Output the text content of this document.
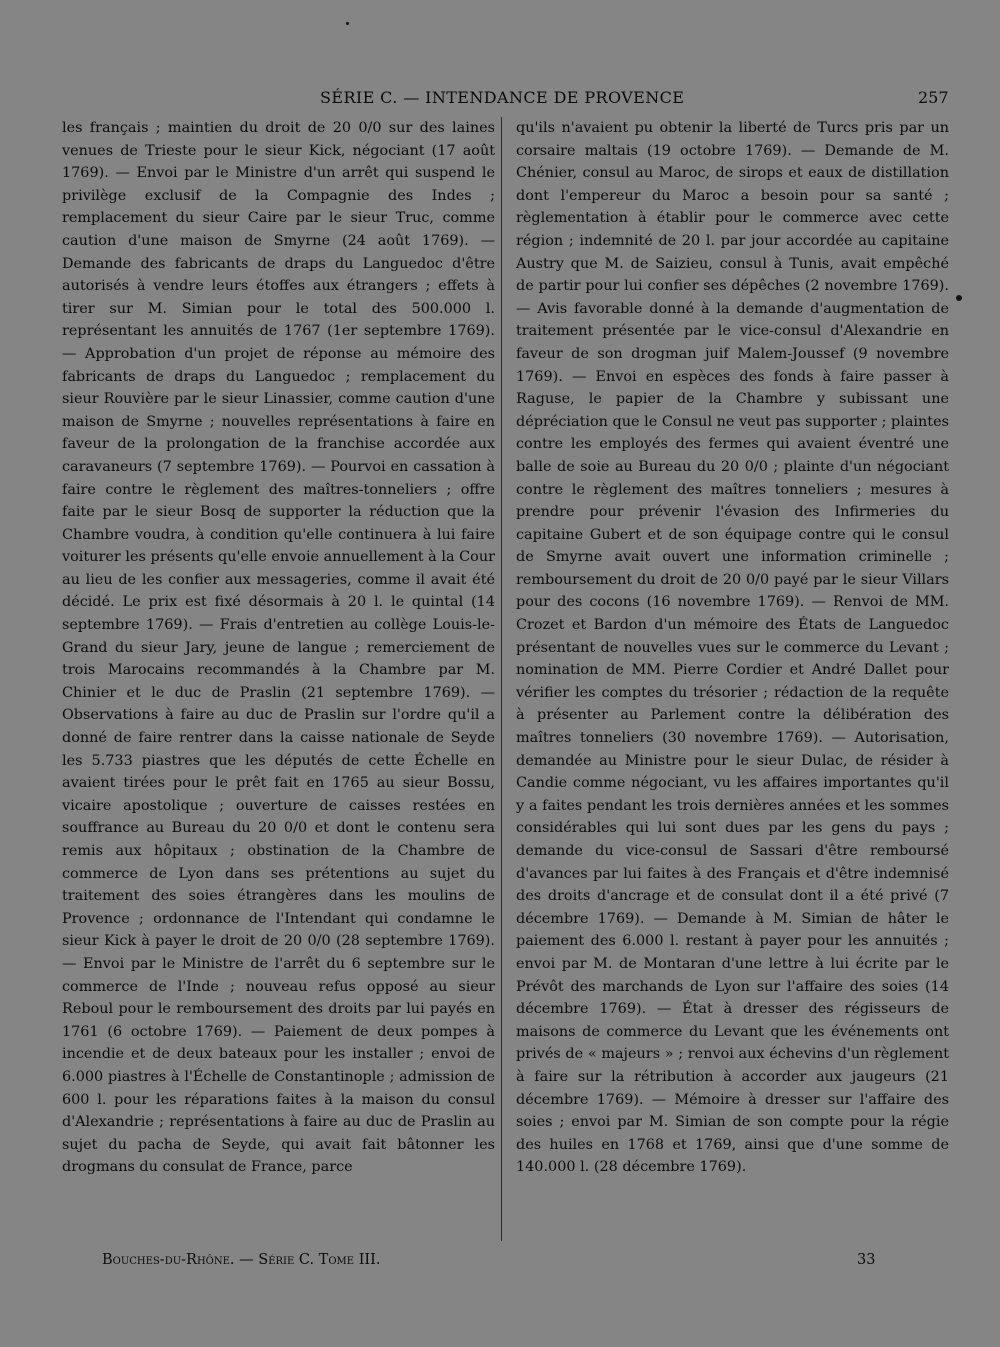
SÉRIE C. — INTENDANCE DE PROVENCE	257

les français ; maintien du droit de 20 0/0 sur des laines venues de Trieste pour le sieur Kick, négociant (17 août 1769). — Envoi par le Ministre d'un arrêt qui suspend le privilège exclusif de la Compagnie des Indes ; remplacement du sieur Caire par le sieur Truc, comme caution d'une maison de Smyrne (24 août 1769). — Demande des fabricants de draps du Languedoc d'être autorisés à vendre leurs étoffes aux étrangers ; effets à tirer sur M. Simian pour le total des 500.000 l. représentant les annuités de 1767 (1er septembre 1769). — Approbation d'un projet de réponse au mémoire des fabricants de draps du Languedoc ; remplacement du sieur Rouvière par le sieur Linassier, comme caution d'une maison de Smyrne ; nouvelles représentations à faire en faveur de la prolongation de la franchise accordée aux caravaneurs (7 septembre 1769). — Pourvoi en cassation à faire contre le règlement des maîtres-tonneliers ; offre faite par le sieur Bosq de supporter la réduction que la Chambre voudra, à condition qu'elle continuera à lui faire voiturer les présents qu'elle envoie annuellement à la Cour au lieu de les confier aux messageries, comme il avait été décidé. Le prix est fixé désormais à 20 l. le quintal (14 septembre 1769). — Frais d'entretien au collège Louis-le-Grand du sieur Jary, jeune de langue ; remerciement de trois Marocains recommandés à la Chambre par M. Chinier et le duc de Praslin (21 septembre 1769). — Observations à faire au duc de Praslin sur l'ordre qu'il a donné de faire rentrer dans la caisse nationale de Seyde les 5.733 piastres que les députés de cette Échelle en avaient tirées pour le prêt fait en 1765 au sieur Bossu, vicaire apostolique ; ouverture de caisses restées en souffrance au Bureau du 20 0/0 et dont le contenu sera remis aux hôpitaux ; obstination de la Chambre de commerce de Lyon dans ses prétentions au sujet du traitement des soies étrangères dans les moulins de Provence ; ordonnance de l'Intendant qui condamne le sieur Kick à payer le droit de 20 0/0 (28 septembre 1769). — Envoi par le Ministre de l'arrêt du 6 septembre sur le commerce de l'Inde ; nouveau refus opposé au sieur Reboul pour le remboursement des droits par lui payés en 1761 (6 octobre 1769). — Paiement de deux pompes à incendie et de deux bateaux pour les installer ; envoi de 6.000 piastres à l'Échelle de Constantinople ; admission de 600 l. pour les réparations faites à la maison du consul d'Alexandrie ; représentations à faire au duc de Praslin au sujet du pacha de Seyde, qui avait fait bâtonner les drogmans du consulat de France, parce

qu'ils n'avaient pu obtenir la liberté de Turcs pris par un corsaire maltais (19 octobre 1769). — Demande de M. Chénier, consul au Maroc, de sirops et eaux de distillation dont l'empereur du Maroc a besoin pour sa santé ; règlementation à établir pour le commerce avec cette région ; indemnité de 20 l. par jour accordée au capitaine Austry que M. de Saizieu, consul à Tunis, avait empêché de partir pour lui confier ses dépêches (2 novembre 1769). — Avis favorable donné à la demande d'augmentation de traitement présentée par le vice-consul d'Alexandrie en faveur de son drogman juif Malem-Joussef (9 novembre 1769). — Envoi en espèces des fonds à faire passer à Raguse, le papier de la Chambre y subissant une dépréciation que le Consul ne veut pas supporter ; plaintes contre les employés des fermes qui avaient éventré une balle de soie au Bureau du 20 0/0 ; plainte d'un négociant contre le règlement des maîtres tonneliers ; mesures à prendre pour prévenir l'évasion des Infirmeries du capitaine Gubert et de son équipage contre qui le consul de Smyrne avait ouvert une information criminelle ; remboursement du droit de 20 0/0 payé par le sieur Villars pour des cocons (16 novembre 1769). — Renvoi de MM. Crozet et Bardon d'un mémoire des États de Languedoc présentant de nouvelles vues sur le commerce du Levant ; nomination de MM. Pierre Cordier et André Dallet pour vérifier les comptes du trésorier ; rédaction de la requête à présenter au Parlement contre la délibération des maîtres tonneliers (30 novembre 1769). — Autorisation, demandée au Ministre pour le sieur Dulac, de résider à Candie comme négociant, vu les affaires importantes qu'il y a faites pendant les trois dernières années et les sommes considérables qui lui sont dues par les gens du pays ; demande du vice-consul de Sassari d'être remboursé d'avances par lui faites à des Français et d'être indemnisé des droits d'ancrage et de consulat dont il a été privé (7 décembre 1769). — Demande à M. Simian de hâter le paiement des 6.000 l. restant à payer pour les annuités ; envoi par M. de Montaran d'une lettre à lui écrite par le Prévôt des marchands de Lyon sur l'affaire des soies (14 décembre 1769). — État à dresser des régisseurs de maisons de commerce du Levant que les événements ont privés de « majeurs » ; renvoi aux échevins d'un règlement à faire sur la rétribution à accorder aux jaugeurs (21 décembre 1769). — Mémoire à dresser sur l'affaire des soies ; envoi par M. Simian de son compte pour la régie des huiles en 1768 et 1769, ainsi que d'une somme de 140.000 l. (28 décembre 1769).

Bouches-du-Rhône. — Série C. Tome III.	33
